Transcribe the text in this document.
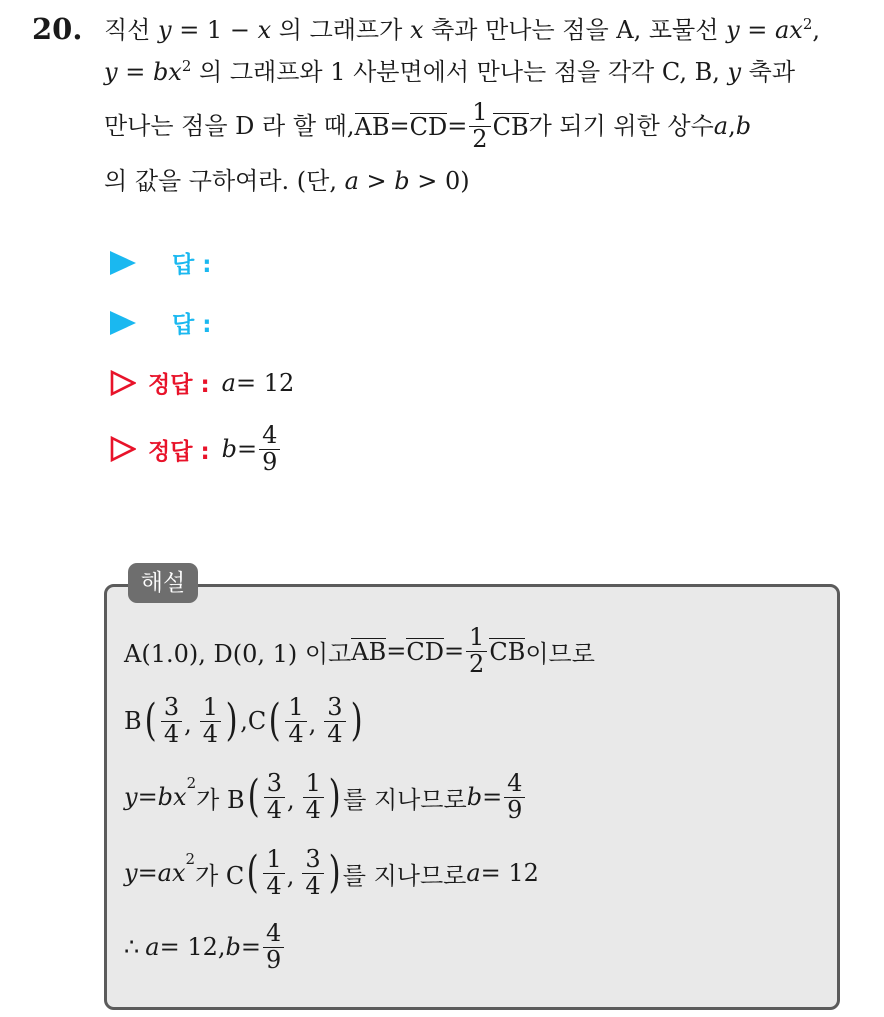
20. 직선 y = 1 − x 의 그래프가 x 축과 만나는 점을 A, 포물선 $y = ax^2$,
$y = bx^2$ 의 그래프와 1 사분면에서 만나는 점을 각각 C, B, y 축과
만나는 점을 D 라 할 때, AB = CD = $\frac{1}{2}$ CB 가 되기 위한 상수 a , b
의 값을 구하여라. (단, a > b > 0)
답 :
답 :
정답 : a = 12
정답 : $b = \frac{4}{9}$
해설
A(1.0), D(0, 1) 이고 AB = CD = $\frac{1}{2}$ CB 이므로
B ( $\frac{3}{4}$ , $\frac{1}{4}$ ) , C ( $\frac{1}{4}$ , $\frac{3}{4}$ )
$y = bx^2$
가 B ( $\frac{3}{4}$ , $\frac{1}{4}$ ) 를 지나므로 $b = \frac{4}{9}$
$y = ax^2$
가 C ( $\frac{1}{4}$ , $\frac{3}{4}$ ) 를 지나므로 a = 12
∴ a = 12, $b = \frac{4}{9}$
